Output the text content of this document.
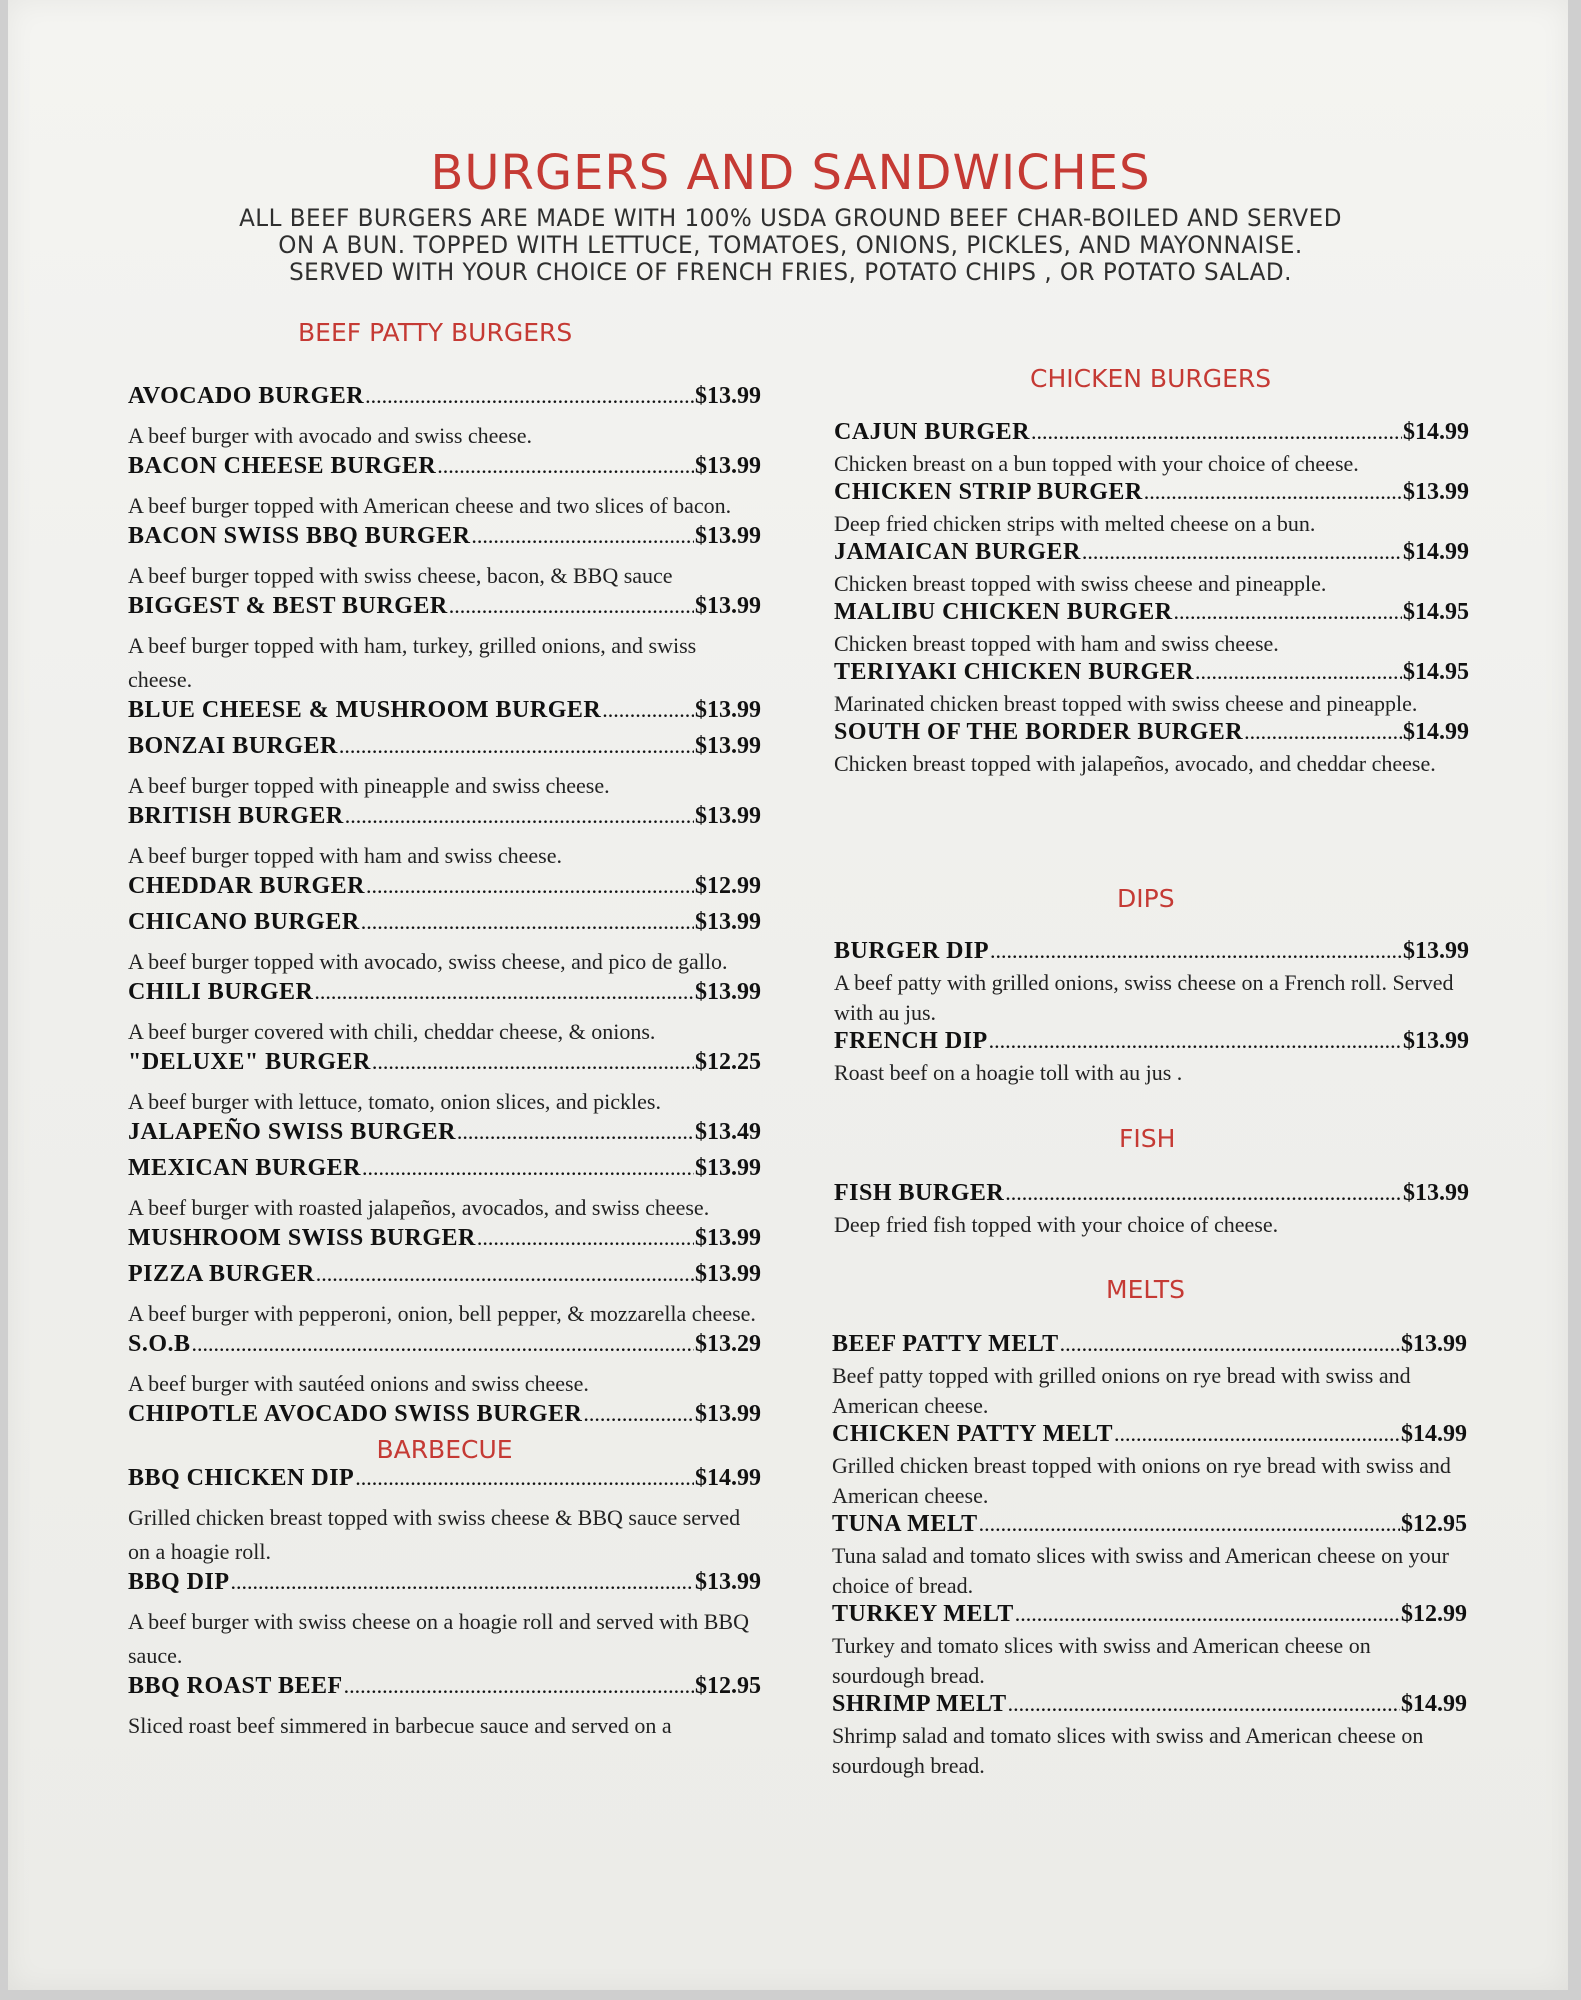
BURGERS AND SANDWICHES
ALL BEEF BURGERS ARE MADE WITH 100% USDA GROUND BEEF CHAR-BOILED AND SERVED
ON A BUN. TOPPED WITH LETTUCE, TOMATOES, ONIONS, PICKLES, AND MAYONNAISE.
SERVED WITH YOUR CHOICE OF FRENCH FRIES, POTATO CHIPS , OR POTATO SALAD.
BEEF PATTY BURGERS
AVOCADO BURGER .....	$13.99
A beef burger with avocado and swiss cheese.
BACON CHEESE BURGER .....	$13.99
A beef burger topped with American cheese and two slices of bacon.
BACON SWISS BBQ BURGER .....	$13.99
A beef burger topped with swiss cheese, bacon, & BBQ sauce
BIGGEST & BEST BURGER .....	$13.99
A beef burger topped with ham, turkey, grilled onions, and swiss cheese.
BLUE CHEESE & MUSHROOM BURGER .....	$13.99
BONZAI BURGER .....	$13.99
A beef burger topped with pineapple and swiss cheese.
BRITISH BURGER .....	$13.99
A beef burger topped with ham and swiss cheese.
CHEDDAR BURGER .....	$12.99
CHICANO BURGER .....	$13.99
A beef burger topped with avocado, swiss cheese, and pico de gallo.
CHILI BURGER .....	$13.99
A beef burger covered with chili, cheddar cheese, & onions.
"DELUXE" BURGER .....	$12.25
A beef burger with lettuce, tomato, onion slices, and pickles.
JALAPEÑO SWISS BURGER .....	$13.49
MEXICAN BURGER .....	$13.99
A beef burger with roasted jalapeños, avocados, and swiss cheese.
MUSHROOM SWISS BURGER .....	$13.99
PIZZA BURGER .....	$13.99
A beef burger with pepperoni, onion, bell pepper, & mozzarella cheese.
S.O.B .....	$13.29
A beef burger with sautéed onions and swiss cheese.
CHIPOTLE AVOCADO SWISS BURGER .....	$13.99
BARBECUE
BBQ CHICKEN DIP .....	$14.99
Grilled chicken breast topped with swiss cheese & BBQ sauce served on a hoagie roll.
BBQ DIP .....	$13.99
A beef burger with swiss cheese on a hoagie roll and served with BBQ sauce.
BBQ ROAST BEEF .....	$12.95
Sliced roast beef simmered in barbecue sauce and served on a
CHICKEN BURGERS
CAJUN BURGER .....	$14.99
Chicken breast on a bun topped with your choice of cheese.
CHICKEN STRIP BURGER .....	$13.99
Deep fried chicken strips with melted cheese on a bun.
JAMAICAN BURGER .....	$14.99
Chicken breast topped with swiss cheese and pineapple.
MALIBU CHICKEN BURGER .....	$14.95
Chicken breast topped with ham and swiss cheese.
TERIYAKI CHICKEN BURGER .....	$14.95
Marinated chicken breast topped with swiss cheese and pineapple.
SOUTH OF THE BORDER BURGER .....	$14.99
Chicken breast topped with jalapeños, avocado, and cheddar cheese.
DIPS
BURGER DIP .....	$13.99
A beef patty with grilled onions, swiss cheese on a French roll. Served with au jus.
FRENCH DIP .....	$13.99
Roast beef on a hoagie toll with au jus .
FISH
FISH BURGER .....	$13.99
Deep fried fish topped with your choice of cheese.
MELTS
BEEF PATTY MELT .....	$13.99
Beef patty topped with grilled onions on rye bread with swiss and American cheese.
CHICKEN PATTY MELT .....	$14.99
Grilled chicken breast topped with onions on rye bread with swiss and American cheese.
TUNA MELT .....	$12.95
Tuna salad and tomato slices with swiss and American cheese on your choice of bread.
TURKEY MELT .....	$12.99
Turkey and tomato slices with swiss and American cheese on sourdough bread.
SHRIMP MELT .....	$14.99
Shrimp salad and tomato slices with swiss and American cheese on sourdough bread.
